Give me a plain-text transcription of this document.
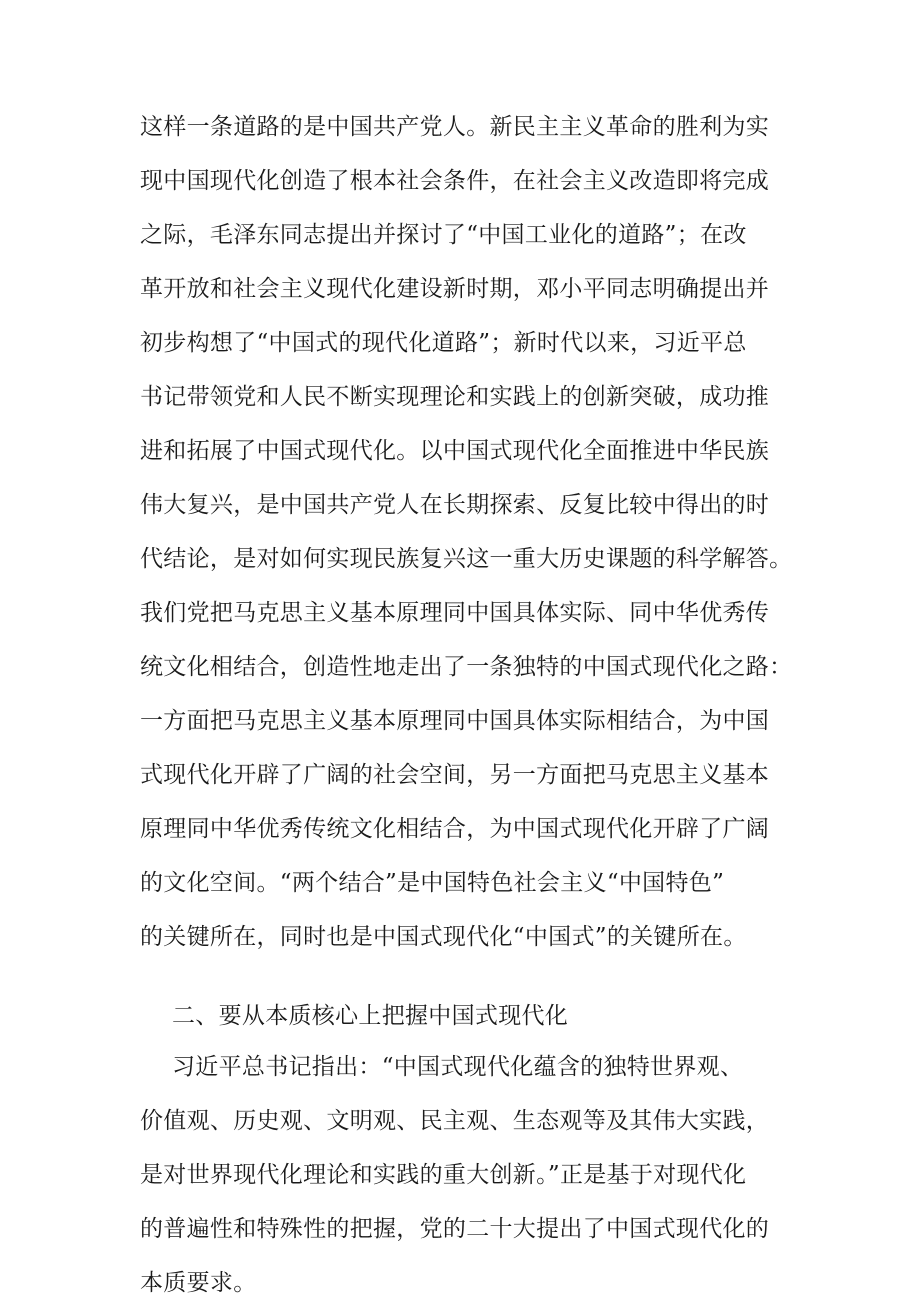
这样一条道路的是中国共产党人。新民主主义革命的胜利为实
现中国现代化创造了根本社会条件，在社会主义改造即将完成
之际，毛泽东同志提出并探讨了“中国工业化的道路”；在改
革开放和社会主义现代化建设新时期，邓小平同志明确提出并
初步构想了“中国式的现代化道路”；新时代以来，习近平总
书记带领党和人民不断实现理论和实践上的创新突破，成功推
进和拓展了中国式现代化。以中国式现代化全面推进中华民族
伟大复兴，是中国共产党人在长期探索、反复比较中得出的时
代结论，是对如何实现民族复兴这一重大历史课题的科学解答。
我们党把马克思主义基本原理同中国具体实际、同中华优秀传
统文化相结合，创造性地走出了一条独特的中国式现代化之路：
一方面把马克思主义基本原理同中国具体实际相结合，为中国
式现代化开辟了广阔的社会空间，另一方面把马克思主义基本
原理同中华优秀传统文化相结合，为中国式现代化开辟了广阔
的文化空间。“两个结合”是中国特色社会主义“中国特色”
的关键所在，同时也是中国式现代化“中国式”的关键所在。
二、要从本质核心上把握中国式现代化
习近平总书记指出：“中国式现代化蕴含的独特世界观、
价值观、历史观、文明观、民主观、生态观等及其伟大实践，
是对世界现代化理论和实践的重大创新。”正是基于对现代化
的普遍性和特殊性的把握，党的二十大提出了中国式现代化的
本质要求。
